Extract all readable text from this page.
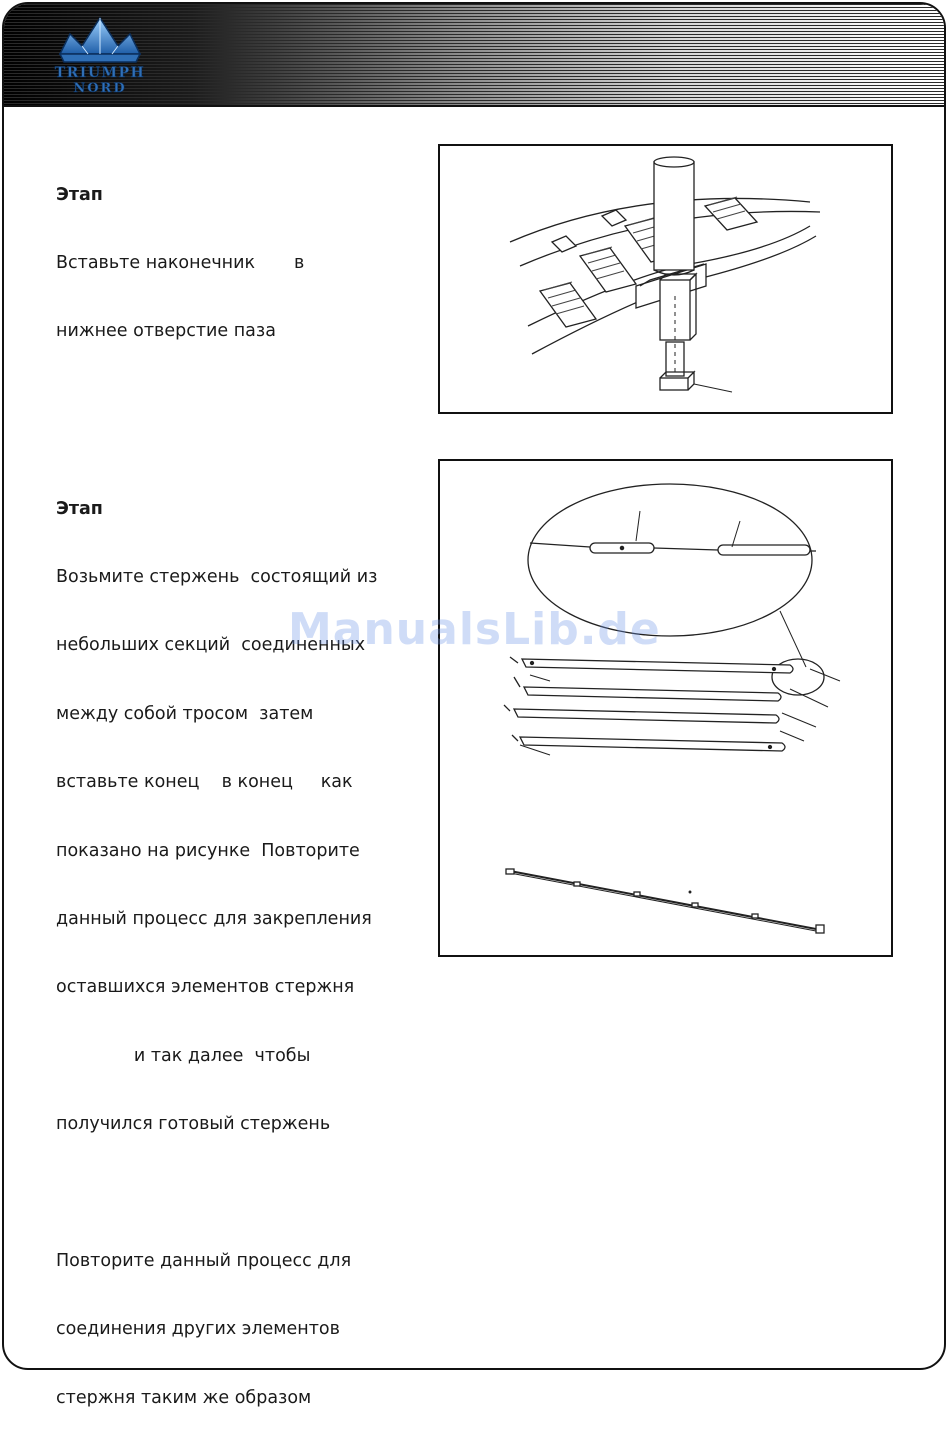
TRIUMPH
NORD

Этап

Вставьте наконечник       в

нижнее отверстие паза

Этап

Возьмите стержень  состоящий из

небольших секций  соединенных

между собой тросом  затем

вставьте конец    в конец     как

показано на рисунке  Повторите

данный процесс для закрепления

оставшихся элементов стержня

и так далее  чтобы

получился готовый стержень

Повторите данный процесс для

соединения других элементов

стержня таким же образом

ManualsLib.de
